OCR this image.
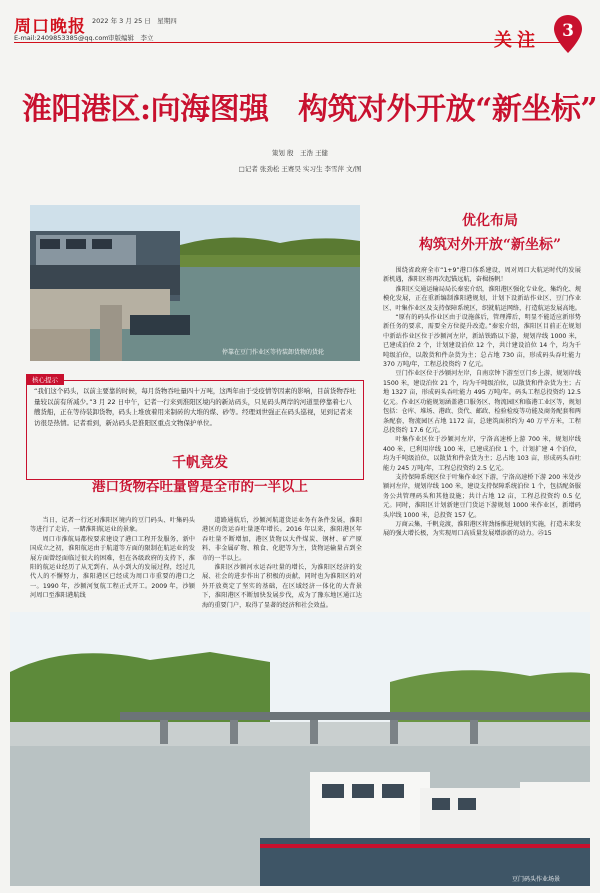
周口晚报
E-mail:2409853385@qq.com
2022 年 3 月 25 日　星期四
审版编辑　李立	关注	3
淮阳港区:向海图强　构筑对外开放“新坐标”
策划 殷　王浩 王健
□记者 张劲松 王赛昊 实习生 李雪萍 文/图
停靠在豆门作业区等待装卸货物的货轮
优化布局
构筑对外开放“新坐标”
核心提示
“我们这个码头，以前主要靠的时候，每月货物吞吐量四十万吨，这两年由于受疫情等因素的影响，目前货物吞吐量较以前有所减少。”3 月 22 日中午，记者一行来到淮阳区境内的新站码头，只见码头两岸的河道里停靠着七八艘货船，正在等待装卸货物，码头上堆放着用来制砖的大堆的煤、砂等。经理刘世强正在码头巡视，见到记者来访很是热情。记者看到，新站码头是淮阳区重点文物保护单位。
千帆竞发
港口货物吞吐量曾是全市的一半以上

当日，记者一行还对淮阳区境内的豆门码头、叶集码头等进行了走访，一睹淮阳航运业的景象。

周口市淮航局都按要求建设了港口工程开发服务，新中国成立之初，淮阳航运由于航道等方面的限制在航运业的发展方面曾经面临过很大的困难，但在各级政府的支持下，淮阳的航运业经历了从无到有、从小到大的发展过程，经过几代人的不懈努力，淮阳港区已经成为周口市重要的港口之一。1990 年，沙颍河复航工程正式开工。2009 年，沙颍河周口至淮阳港航线

道路通航后，沙颍河航道货运业务有条件发展，淮阳港区的货运吞吐量逐年增长。2016 年以来，淮阳港区年吞吐量不断增加，港区货物以大件煤炭、钢材、矿产原料、非金属矿物、粮食、化肥等为主，货物运输量占到全市的一半以上。

淮阳区沙颍河水运吞吐量的增长，为淮阳区经济的发展、社会的进步作出了积极的贡献，同时也为淮阳区的对外开放奠定了坚实的基础，在区域经济一体化的大背景下，淮阳港区不断加快发展步伐，成为了豫东地区通江达海的重要门户，取得了显著的经济和社会效益。

围绕省政府全市“1+9”港口体系建设，周对周口大航运时代的发展新机遇，淮阳区将再次起锚远航，奋楫扬帆！

淮阳区交通运输局局长秦宏介绍，淮阳港区强化专业化、集约化、规模化发展，正在重新编制淮阳港规划，计划下设新站作业区、豆门作业区、叶集作业区及支持保障系统区，织就航运网络，打造航运发展高地。

“原有的码头作业区由于设施落后，管理滞后，明显不能适应新形势新任务的要求，需要全方位提升改造。”秦宏介绍，淮阳区目前正在规划中新站作业区位于沙颍河左岸，新站铁路以下游，规划岸线 1000 米，已建成泊位 2 个，计划建设泊位 12 个，共计建设泊位 14 个，均为千吨级泊位，以散货和件杂货为主；总占地 730 亩，形成码头吞吐能力 370 万吨/年，工程总投资约 7 亿元。

豆门作业区位于沙颍河左岸，自南京钟下游至豆门乡上游，规划岸线 1500 米，建设泊位 21 个，均为千吨级泊位，以散货和件杂货为主；占地 1327 亩，形成码头吞吐能力 495 万吨/年。码头工程总投资约 12.5 亿元。作业区功能规划涵盖港口服务区、物流园区和临港工业区等，规划包括：仓库、堆场、港政、货代、邮政、检验检疫等功能及商务配套和两条配套，物流园区占地 1172 亩，总建筑面积约为 40 万平方米，工程总投资约 17.6 亿元。

叶集作业区位于沙颍河左岸，宁洛高速桥上游 700 米，规划岸线 400 米，已利用岸线 100 米，已建成泊位 1 个，计划扩建 4 个泊位，均为千吨级泊位，以散货和件杂货为主；总占地 103 亩，形成码头吞吐能力 245 万吨/年，工程总投资约 2.5 亿元。

支持保障系统区位于叶集作业区下游，宁洛高速桥下游 200 米处沙颍河左岸，规划岸线 100 米，建设支持保障系统泊位 1 个，包括配备服务公共管理码头和其他设施；共计占地 12 亩，工程总投资约 0.5 亿元。同时，淮阳区计划新建豆门货运下游规划 1000 米作业区，新增码头岸线 1000 米，总投资 157 亿。

万商云集，千帆竞渡，淮阳港区将劲扬推进规划的实施，打造未来发展的强大增长极，为实现周口高质量发展增添新的动力。㉕15

豆门码头作业场景
